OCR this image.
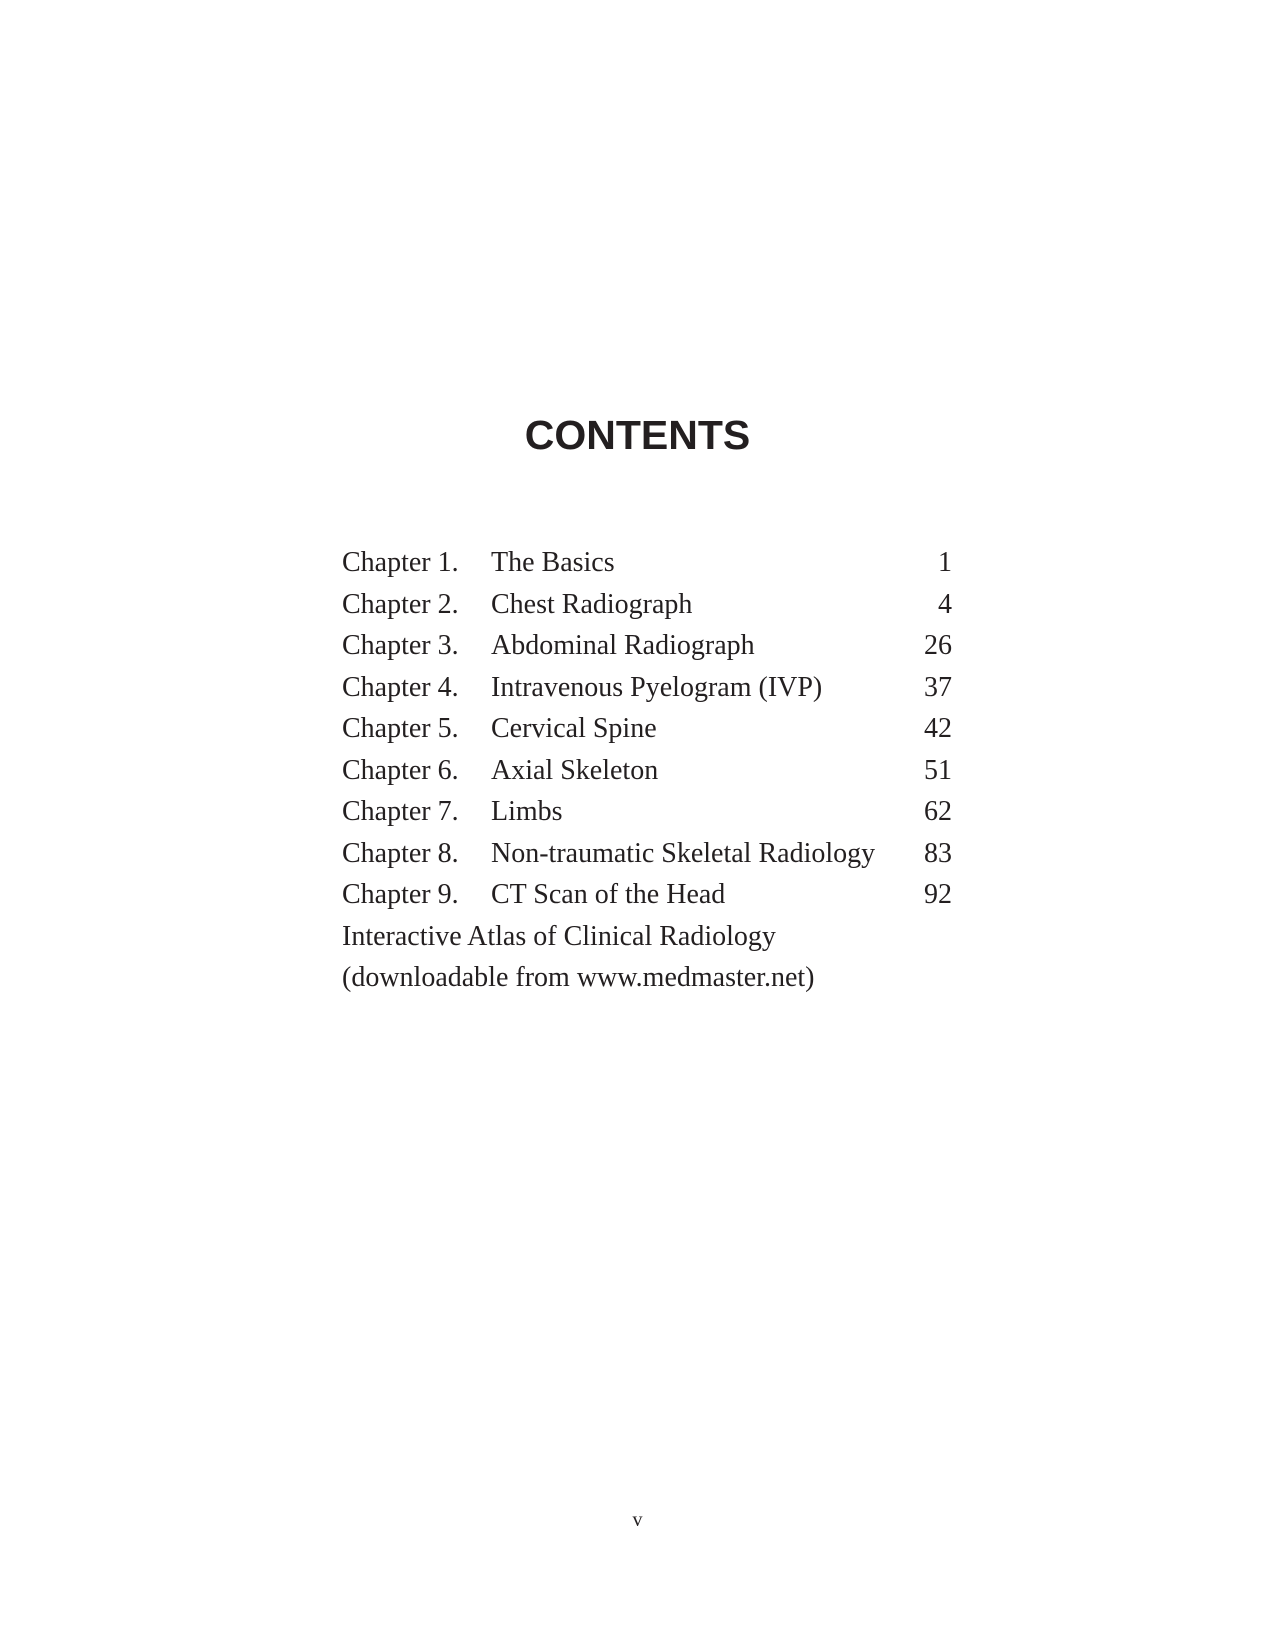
CONTENTS
Chapter 1. The Basics	1
Chapter 2. Chest Radiograph	4
Chapter 3. Abdominal Radiograph	26
Chapter 4. Intravenous Pyelogram (IVP)	37
Chapter 5. Cervical Spine	42
Chapter 6. Axial Skeleton	51
Chapter 7. Limbs	62
Chapter 8. Non-traumatic Skeletal Radiology 83
Chapter 9. CT Scan of the Head	92
Interactive Atlas of Clinical Radiology
(downloadable from www.medmaster.net)
v
